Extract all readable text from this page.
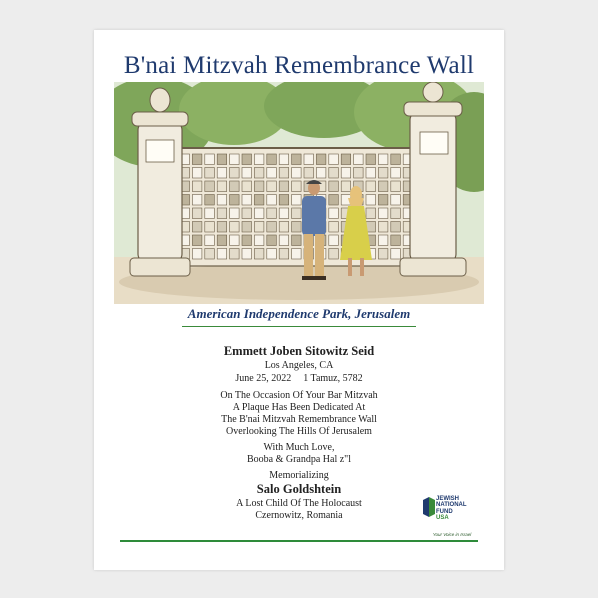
B'nai Mitzvah Remembrance Wall
American Independence Park, Jerusalem
Emmett Joben Sitowitz Seid
Los Angeles, CA
June 25, 2022 1 Tamuz, 5782
On The Occasion Of Your Bar Mitzvah
A Plaque Has Been Dedicated At
The B'nai Mitzvah Remembrance Wall
Overlooking The Hills Of Jerusalem
With Much Love,
Booba & Grandpa Hal z"l
Memorializing
Salo Goldshtein
A Lost Child Of The Holocaust
Czernowitz, Romania
JEWISH
NATIONAL
FUND
USA
Your Voice in Israel
